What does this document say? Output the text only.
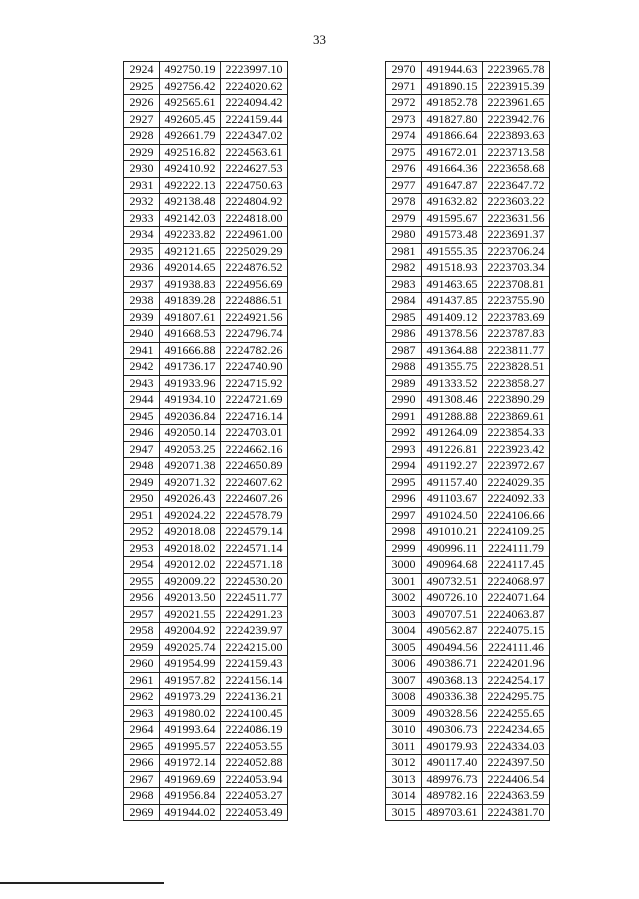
33
2924	492750.19	2223997.10
2925	492756.42	2224020.62
2926	492565.61	2224094.42
2927	492605.45	2224159.44
2928	492661.79	2224347.02
2929	492516.82	2224563.61
2930	492410.92	2224627.53
2931	492222.13	2224750.63
2932	492138.48	2224804.92
2933	492142.03	2224818.00
2934	492233.82	2224961.00
2935	492121.65	2225029.29
2936	492014.65	2224876.52
2937	491938.83	2224956.69
2938	491839.28	2224886.51
2939	491807.61	2224921.56
2940	491668.53	2224796.74
2941	491666.88	2224782.26
2942	491736.17	2224740.90
2943	491933.96	2224715.92
2944	491934.10	2224721.69
2945	492036.84	2224716.14
2946	492050.14	2224703.01
2947	492053.25	2224662.16
2948	492071.38	2224650.89
2949	492071.32	2224607.62
2950	492026.43	2224607.26
2951	492024.22	2224578.79
2952	492018.08	2224579.14
2953	492018.02	2224571.14
2954	492012.02	2224571.18
2955	492009.22	2224530.20
2956	492013.50	2224511.77
2957	492021.55	2224291.23
2958	492004.92	2224239.97
2959	492025.74	2224215.00
2960	491954.99	2224159.43
2961	491957.82	2224156.14
2962	491973.29	2224136.21
2963	491980.02	2224100.45
2964	491993.64	2224086.19
2965	491995.57	2224053.55
2966	491972.14	2224052.88
2967	491969.69	2224053.94
2968	491956.84	2224053.27
2969	491944.02	2224053.49
2970	491944.63	2223965.78
2971	491890.15	2223915.39
2972	491852.78	2223961.65
2973	491827.80	2223942.76
2974	491866.64	2223893.63
2975	491672.01	2223713.58
2976	491664.36	2223658.68
2977	491647.87	2223647.72
2978	491632.82	2223603.22
2979	491595.67	2223631.56
2980	491573.48	2223691.37
2981	491555.35	2223706.24
2982	491518.93	2223703.34
2983	491463.65	2223708.81
2984	491437.85	2223755.90
2985	491409.12	2223783.69
2986	491378.56	2223787.83
2987	491364.88	2223811.77
2988	491355.75	2223828.51
2989	491333.52	2223858.27
2990	491308.46	2223890.29
2991	491288.88	2223869.61
2992	491264.09	2223854.33
2993	491226.81	2223923.42
2994	491192.27	2223972.67
2995	491157.40	2224029.35
2996	491103.67	2224092.33
2997	491024.50	2224106.66
2998	491010.21	2224109.25
2999	490996.11	2224111.79
3000	490964.68	2224117.45
3001	490732.51	2224068.97
3002	490726.10	2224071.64
3003	490707.51	2224063.87
3004	490562.87	2224075.15
3005	490494.56	2224111.46
3006	490386.71	2224201.96
3007	490368.13	2224254.17
3008	490336.38	2224295.75
3009	490328.56	2224255.65
3010	490306.73	2224234.65
3011	490179.93	2224334.03
3012	490117.40	2224397.50
3013	489976.73	2224406.54
3014	489782.16	2224363.59
3015	489703.61	2224381.70
